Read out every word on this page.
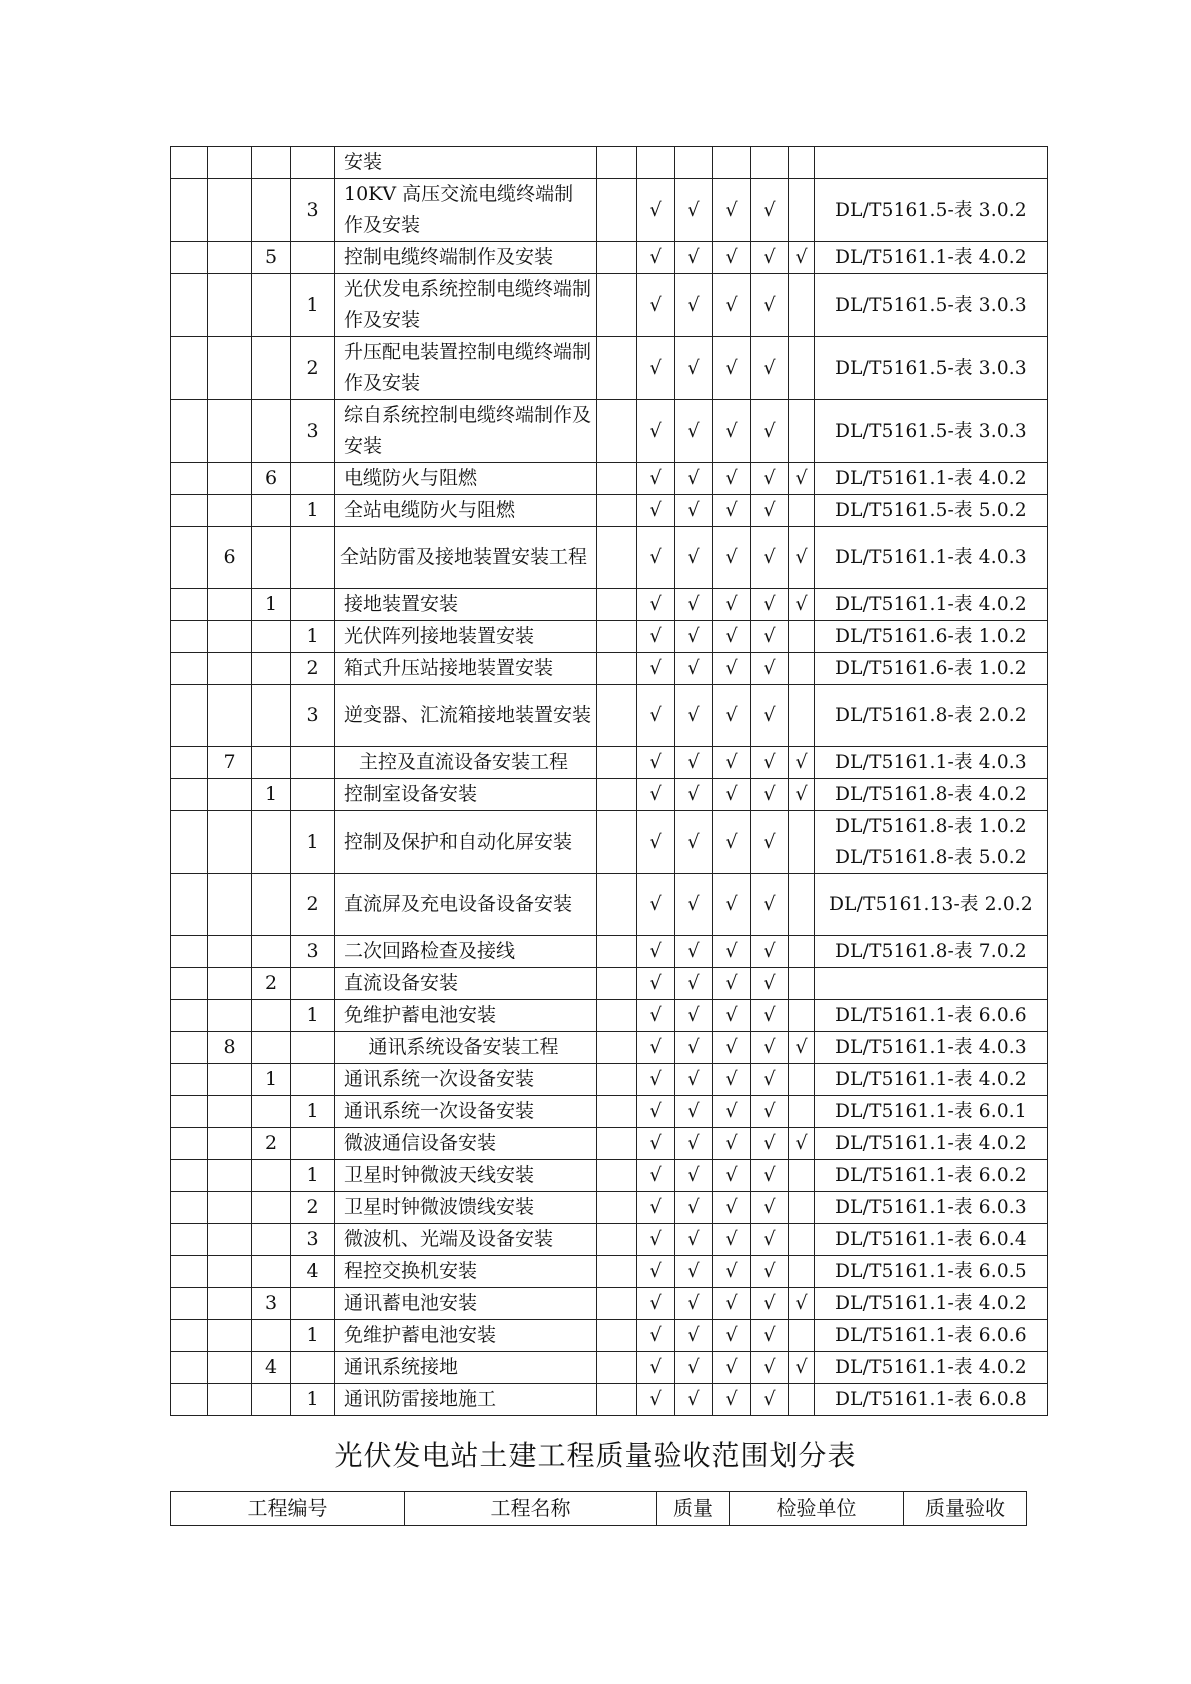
				安装							

			3	10KV 高压交流电缆终端制作及安装		√	√	√	√		DL/T5161.5-表 3.0.2

		5		控制电缆终端制作及安装		√	√	√	√	√	DL/T5161.1-表 4.0.2

			1	光伏发电系统控制电缆终端制作及安装		√	√	√	√		DL/T5161.5-表 3.0.3

			2	升压配电装置控制电缆终端制作及安装		√	√	√	√		DL/T5161.5-表 3.0.3

			3	综自系统控制电缆终端制作及安装		√	√	√	√		DL/T5161.5-表 3.0.3

		6		电缆防火与阻燃		√	√	√	√	√	DL/T5161.1-表 4.0.2

			1	全站电缆防火与阻燃		√	√	√	√		DL/T5161.5-表 5.0.2

	6			全站防雷及接地装置安装工程		√	√	√	√	√	DL/T5161.1-表 4.0.3

		1		接地装置安装		√	√	√	√	√	DL/T5161.1-表 4.0.2

			1	光伏阵列接地装置安装		√	√	√	√		DL/T5161.6-表 1.0.2

			2	箱式升压站接地装置安装		√	√	√	√		DL/T5161.6-表 1.0.2

			3	逆变器、汇流箱接地装置安装		√	√	√	√		DL/T5161.8-表 2.0.2

	7			主控及直流设备安装工程		√	√	√	√	√	DL/T5161.1-表 4.0.3

		1		控制室设备安装		√	√	√	√	√	DL/T5161.8-表 4.0.2

			1	控制及保护和自动化屏安装		√	√	√	√		DL/T5161.8-表 1.0.2
DL/T5161.8-表 5.0.2

			2	直流屏及充电设备设备安装		√	√	√	√		DL/T5161.13-表 2.0.2

			3	二次回路检查及接线		√	√	√	√		DL/T5161.8-表 7.0.2

		2		直流设备安装		√	√	√	√		

			1	免维护蓄电池安装		√	√	√	√		DL/T5161.1-表 6.0.6

	8			通讯系统设备安装工程		√	√	√	√	√	DL/T5161.1-表 4.0.3

		1		通讯系统一次设备安装		√	√	√	√		DL/T5161.1-表 4.0.2

			1	通讯系统一次设备安装		√	√	√	√		DL/T5161.1-表 6.0.1

		2		微波通信设备安装		√	√	√	√	√	DL/T5161.1-表 4.0.2

			1	卫星时钟微波天线安装		√	√	√	√		DL/T5161.1-表 6.0.2

			2	卫星时钟微波馈线安装		√	√	√	√		DL/T5161.1-表 6.0.3

			3	微波机、光端及设备安装		√	√	√	√		DL/T5161.1-表 6.0.4

			4	程控交换机安装		√	√	√	√		DL/T5161.1-表 6.0.5

		3		通讯蓄电池安装		√	√	√	√	√	DL/T5161.1-表 4.0.2

			1	免维护蓄电池安装		√	√	√	√		DL/T5161.1-表 6.0.6

		4		通讯系统接地		√	√	√	√	√	DL/T5161.1-表 4.0.2

			1	通讯防雷接地施工		√	√	√	√		DL/T5161.1-表 6.0.8
光伏发电站土建工程质量验收范围划分表
工程编号	工程名称	质量	检验单位	质量验收
